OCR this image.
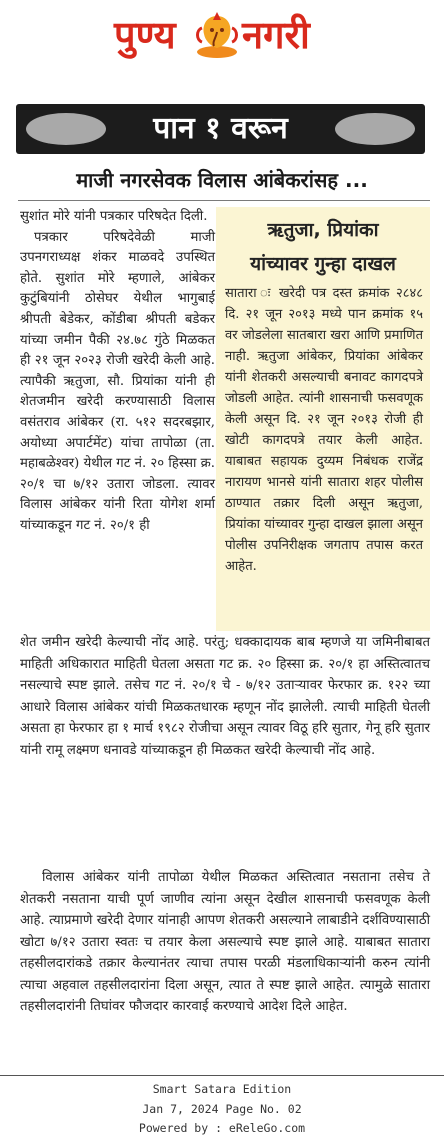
पुण्य नगरी
पान १ वरून
माजी नगरसेवक विलास आंबेकरांसह ...

सुशांत मोरे यांनी पत्रकार परिषदेत दिली.

पत्रकार परिषदेवेळी माजी उपनगराध्यक्ष शंकर माळवदे उपस्थित होते. सुशांत मोरे म्हणाले, आंबेकर कुटुंबियांनी ठोसेघर येथील भागुबाई श्रीपती बेडेकर, कोंडीबा श्रीपती बडेकर यांच्या जमीन पैकी २४.७८ गुंठे मिळकत ही २१ जून २०२३ रोजी खरेदी केली आहे. त्यापैकी ऋतुजा, सौ. प्रियांका यांनी ही शेतजमीन खरेदी करण्यासाठी विलास वसंतराव आंबेकर (रा. ५१२ सदरबझार, अयोध्या अपार्टमेंट) यांचा तापोळा (ता. महाबळेश्‍वर) येथील गट नं. २० हिस्सा क्र. २०/१ चा ७/१२ उतारा जोडला. त्यावर विलास आंबेकर यांनी रिता योगेश शर्मा यांच्याकडून गट नं. २०/१ ही

ऋतुजा, प्रियांका
यांच्यावर गुन्हा दाखल

सातारा ः खरेदी पत्र दस्त क्रमांक २८४८ दि. २१ जून २०१३ मध्ये पान क्रमांक १५ वर जोडलेला सातबारा खरा आणि प्रमाणित नाही. ऋतुजा आंबेकर, प्रियांका आंबेकर यांनी शेतकरी असल्याची बनावट कागदपत्रे जोडली आहेत. त्यांनी शासनाची फसवणूक केली असून दि. २१ जून २०१३ रोजी ही खोटी कागदपत्रे तयार केली आहेत. याबाबत सहायक दुय्यम निबंधक राजेंद्र नारायण भानसे यांनी सातारा शहर पोलीस ठाण्यात तक्रार दिली असून ऋतुजा, प्रियांका यांच्यावर गुन्हा दाखल झाला असून पोलीस उपनिरीक्षक जगताप तपास करत आहेत.

शेत जमीन खरेदी केल्याची नोंद आहे. परंतु; धक्कादायक बाब म्हणजे या जमिनीबाबत माहिती अधिकारात माहिती घेतला असता गट क्र. २० हिस्सा क्र. २०/१ हा अस्तित्वातच नसल्याचे स्पष्ट झाले. तसेच गट नं. २०/१ चे - ७/१२ उताऱ्यावर फेरफार क्र. १२२ च्या आधारे विलास आंबेकर यांची मिळकतधारक म्हणून नोंद झालेली. त्याची माहिती घेतली असता हा फेरफार हा १ मार्च १९८२ रोजीचा असून त्यावर विठू हरि सुतार, गेनू हरि सुतार यांनी रामू लक्ष्मण धनावडे यांच्याकडून ही मिळकत खरेदी केल्याची नोंद आहे.

विलास आंबेकर यांनी तापोळा येथील मिळकत अस्तित्वात नसताना तसेच ते शेतकरी नसताना याची पूर्ण जाणीव त्यांना असून देखील शासनाची फसवणूक केली आहे. त्याप्रमाणे खरेदी देणार यांनाही आपण शेतकरी असल्याने लाबाडीने दर्शविण्यासाठी खोटा ७/१२ उतारा स्वतः च तयार केला असल्याचे स्पष्ट झाले आहे. याबाबत सातारा तहसीलदारांकडे तक्रार केल्यानंतर त्याचा तपास परळी मंडलाधिकाऱ्यांनी करुन त्यांनी त्याचा अहवाल तहसीलदारांना दिला असून, त्यात ते स्पष्ट झाले आहेत. त्यामुळे सातारा तहसीलदारांनी तिघांवर फौजदार कारवाई करण्याचे आदेश दिले आहेत.

Smart Satara Edition
Jan 7, 2024 Page No. 02
Powered by : eReleGo.com
